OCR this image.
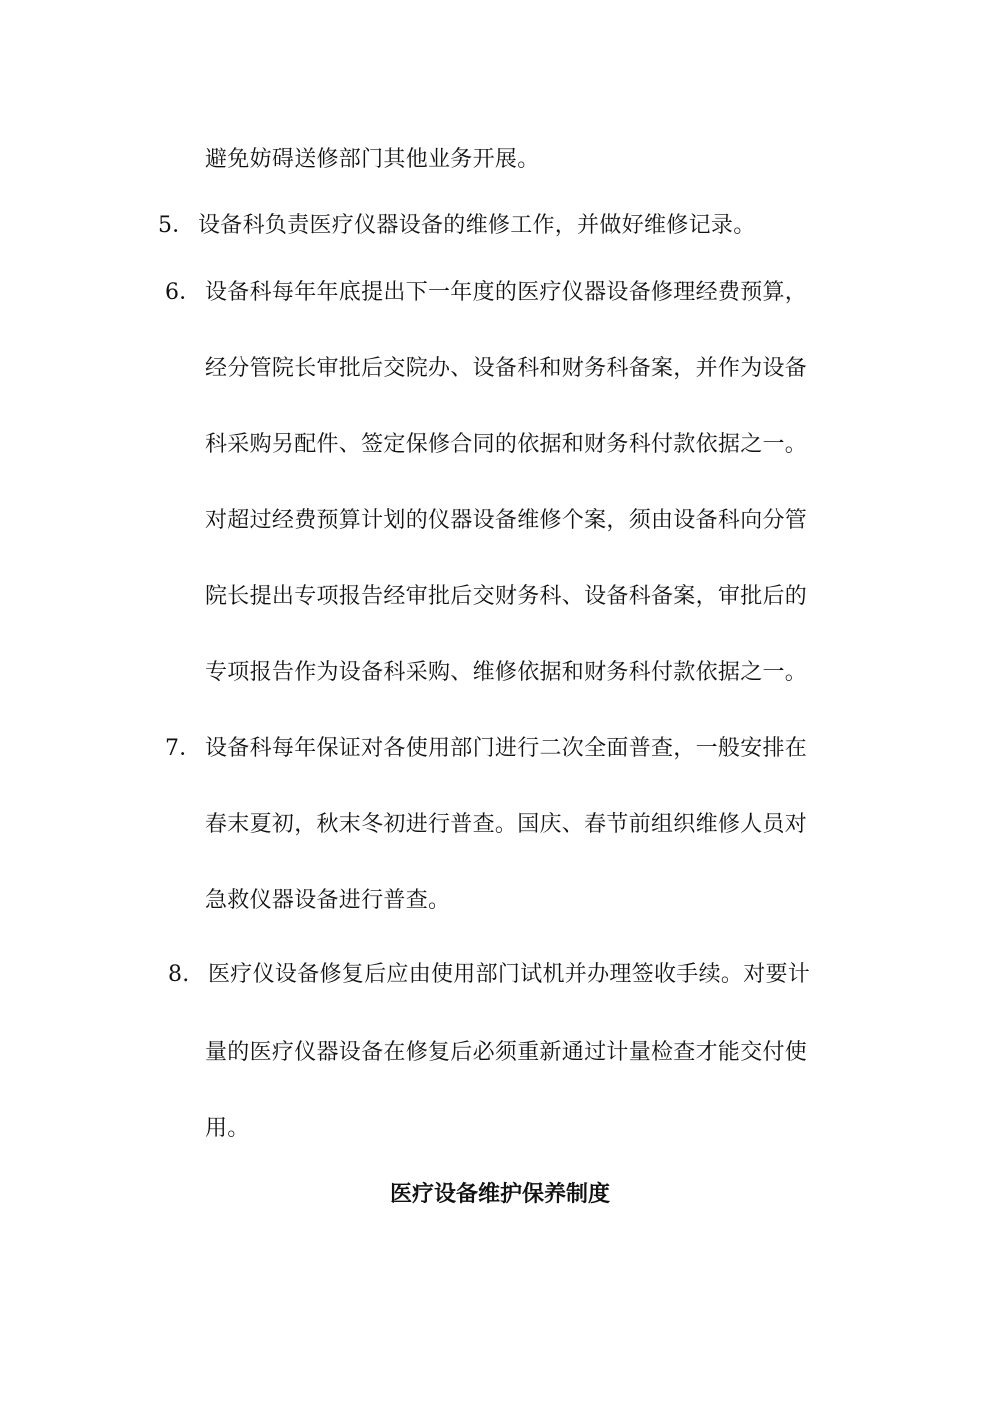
避免妨碍送修部门其他业务开展。
5． 设备科负责医疗仪器设备的维修工作，并做好维修记录。
6． 设备科每年年底提出下一年度的医疗仪器设备修理经费预算，
经分管院长审批后交院办、设备科和财务科备案，并作为设备
科采购另配件、签定保修合同的依据和财务科付款依据之一。
对超过经费预算计划的仪器设备维修个案，须由设备科向分管
院长提出专项报告经审批后交财务科、设备科备案，审批后的
专项报告作为设备科采购、维修依据和财务科付款依据之一。
7． 设备科每年保证对各使用部门进行二次全面普查，一般安排在
春末夏初，秋末冬初进行普查。国庆、春节前组织维修人员对
急救仪器设备进行普查。
8. 医疗仪设备修复后应由使用部门试机并办理签收手续。对要计
量的医疗仪器设备在修复后必须重新通过计量检查才能交付使
用。
医疗设备维护保养制度
